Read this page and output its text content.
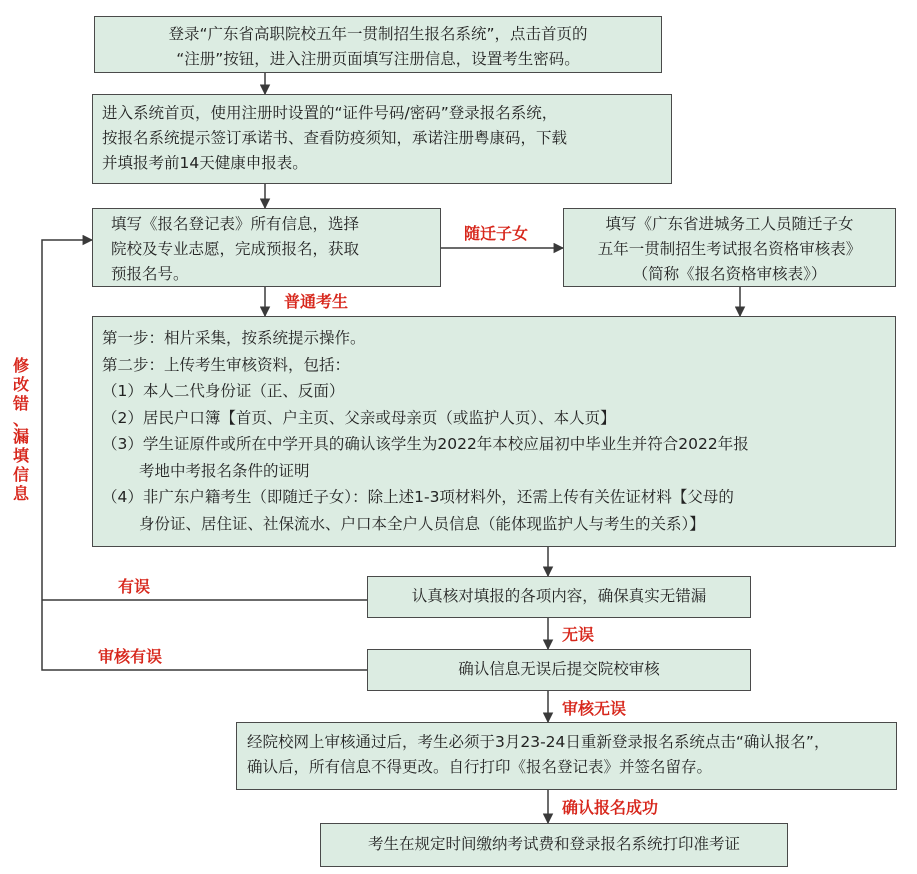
登录“广东省高职院校五年一贯制招生报名系统”，点击首页的

“注册”按钮，进入注册页面填写注册信息，设置考生密码。

进入系统首页，使用注册时设置的“证件号码/密码”登录报名系统，

按报名系统提示签订承诺书、查看防疫须知，承诺注册粤康码，下载

并填报考前14天健康申报表。

填写《报名登记表》所有信息，选择

院校及专业志愿，完成预报名，获取

预报名号。

填写《广东省进城务工人员随迁子女

五年一贯制招生考试报名资格审核表》

（简称《报名资格审核表》）

第一步：相片采集，按系统提示操作。

第二步：上传考生审核资料，包括：

（1）本人二代身份证（正、反面）

（2）居民户口簿【首页、户主页、父亲或母亲页（或监护人页）、本人页】

（3）学生证原件或所在中学开具的确认该学生为2022年本校应届初中毕业生并符合2022年报

考地中考报名条件的证明

（4）非广东户籍考生（即随迁子女）：除上述1-3项材料外，还需上传有关佐证材料【父母的

身份证、居住证、社保流水、户口本全户人员信息（能体现监护人与考生的关系）】

认真核对填报的各项内容，确保真实无错漏
确认信息无误后提交院校审核

经院校网上审核通过后，考生必须于3月23-24日重新登录报名系统点击“确认报名”，

确认后，所有信息不得更改。自行打印《报名登记表》并签名留存。

考生在规定时间缴纳考试费和登录报名系统打印准考证
随迁子女
普通考生
有误
无误
审核有误
审核无误
确认报名成功
修
改
错
、
漏
填
信
息
